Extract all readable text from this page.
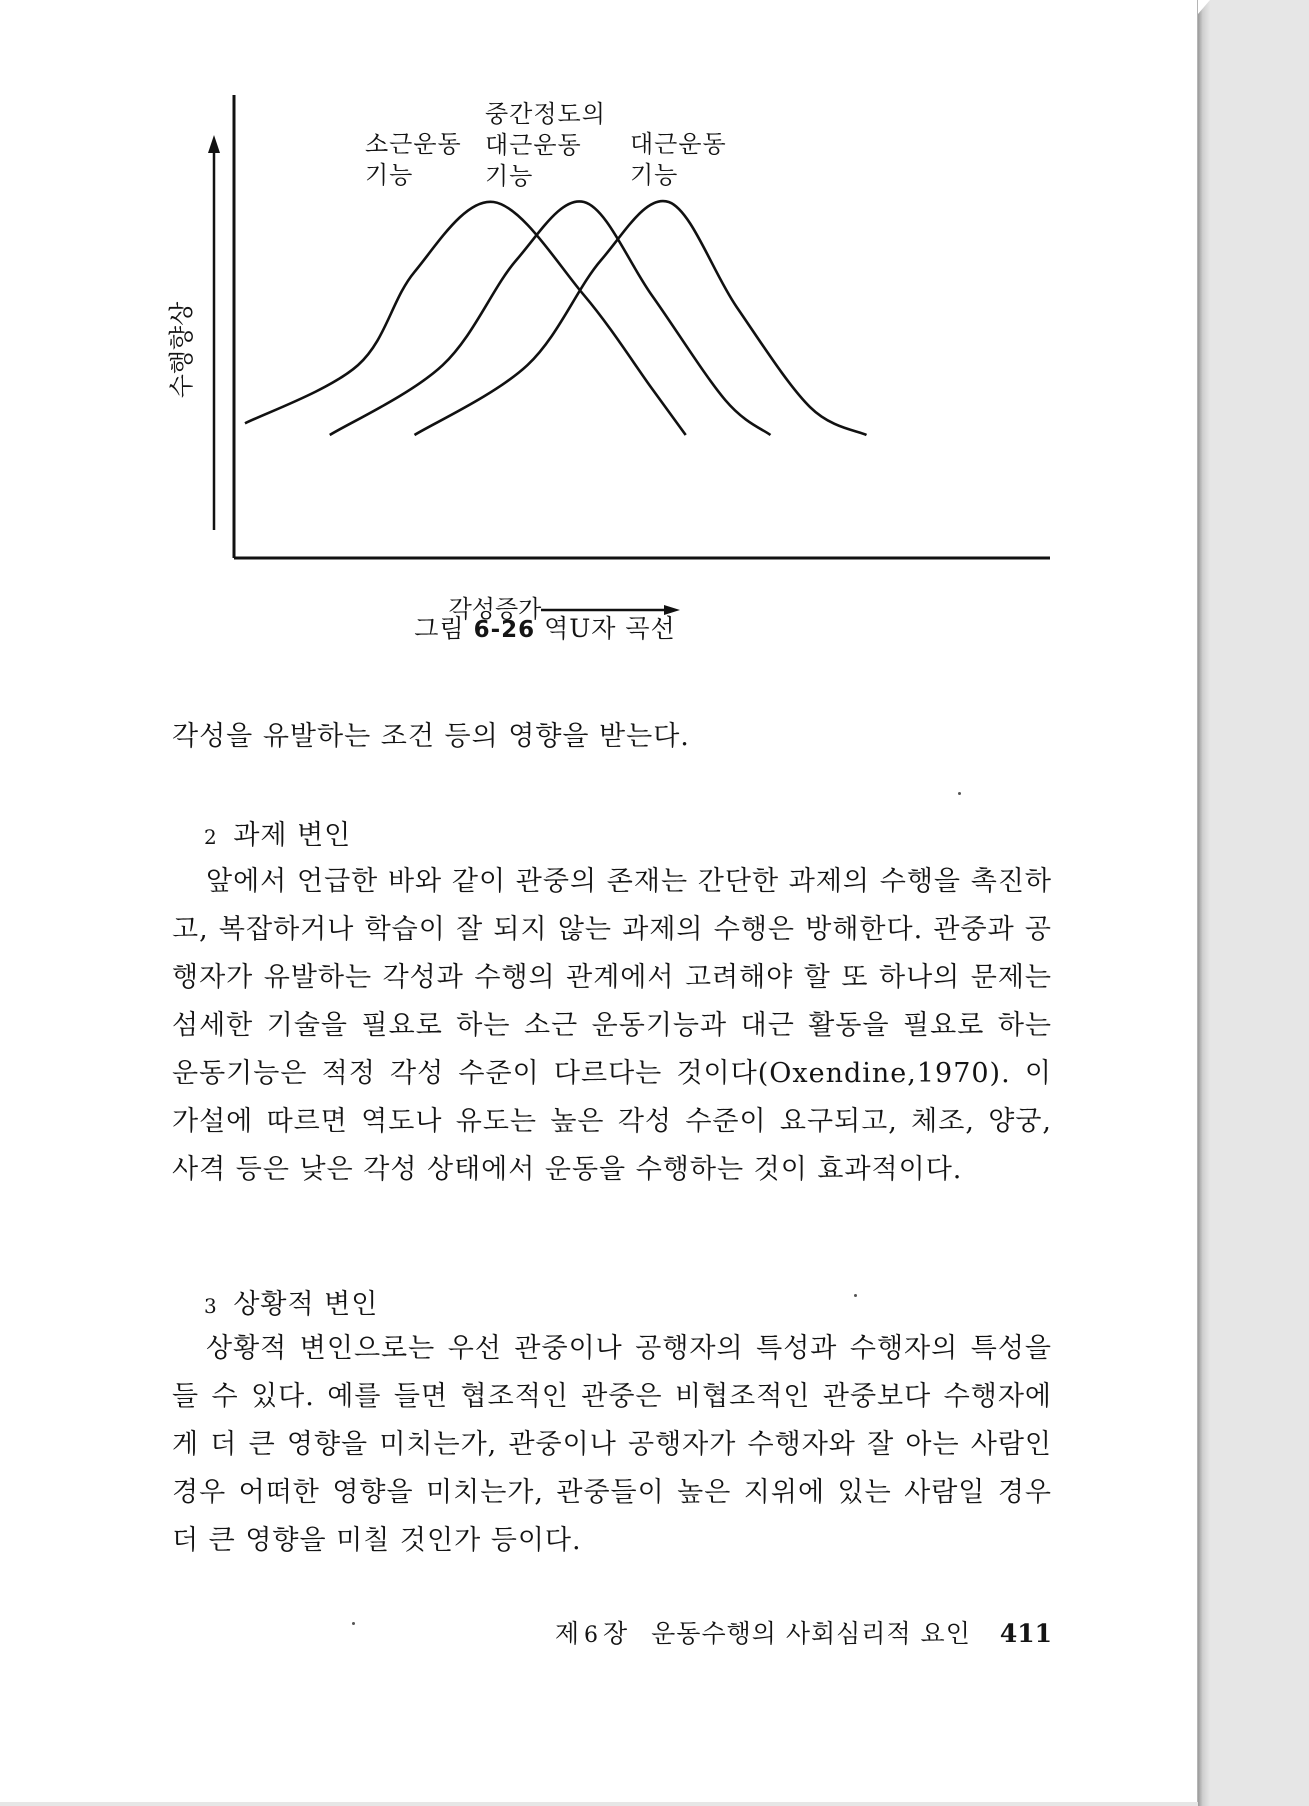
수행향상
각성증가
소근운동
기능
중간정도의
대근운동
기능
대근운동
기능
그림 6-26 역U자 곡선

각성을 유발하는 조건 등의 영향을 받는다.

2 과제 변인

앞에서 언급한 바와 같이 관중의 존재는 간단한 과제의 수행을 촉진하고, 복잡하거나 학습이 잘 되지 않는 과제의 수행은 방해한다. 관중과 공행자가 유발하는 각성과 수행의 관계에서 고려해야 할 또 하나의 문제는 섬세한 기술을 필요로 하는 소근 운동기능과 대근 활동을 필요로 하는 운동기능은 적정 각성 수준이 다르다는 것이다(Oxendine,1970). 이 가설에 따르면 역도나 유도는 높은 각성 수준이 요구되고, 체조, 양궁, 사격 등은 낮은 각성 상태에서 운동을 수행하는 것이 효과적이다.

3 상황적 변인

상황적 변인으로는 우선 관중이나 공행자의 특성과 수행자의 특성을 들 수 있다. 예를 들면 협조적인 관중은 비협조적인 관중보다 수행자에게 더 큰 영향을 미치는가, 관중이나 공행자가 수행자와 잘 아는 사람인 경우 어떠한 영향을 미치는가, 관중들이 높은 지위에 있는 사람일 경우 더 큰 영향을 미칠 것인가 등이다.

제 6 장 운동수행의 사회심리적 요인 411
